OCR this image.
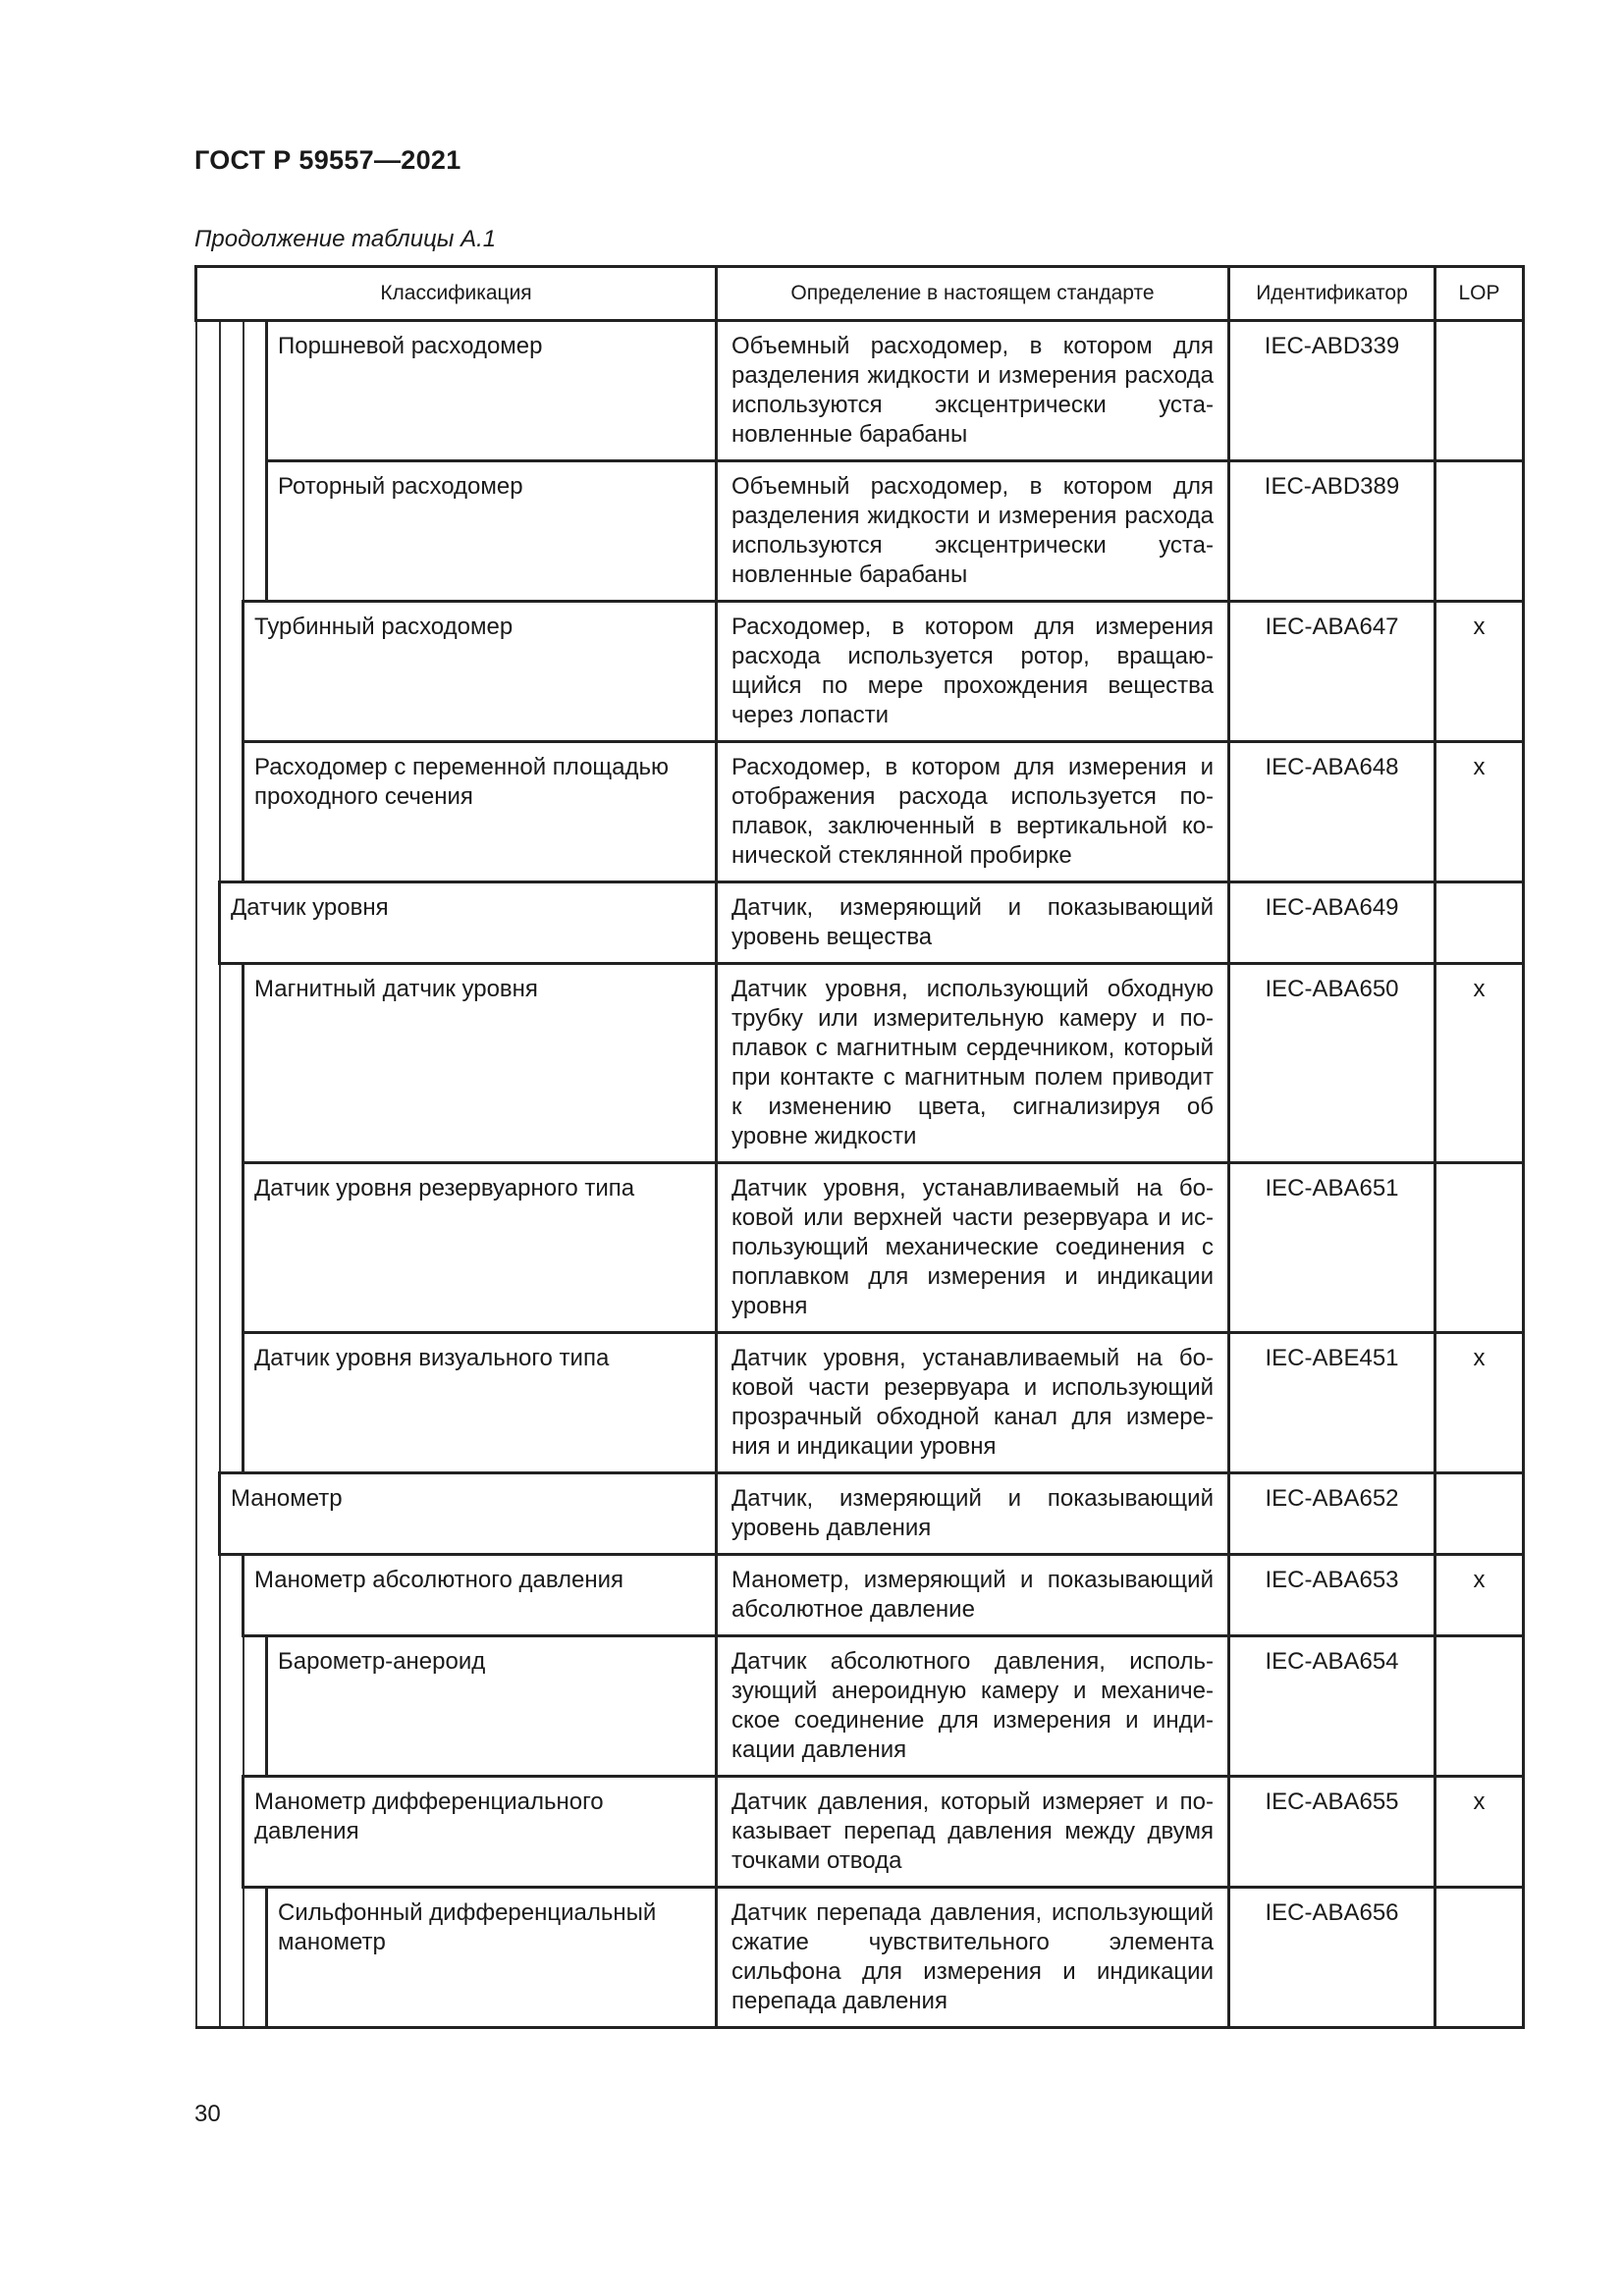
ГОСТ Р 59557—2021
Продолжение таблицы А.1
Классификация				Определение в настоящем стандарте	Идентификатор	LOP
			Поршневой расходомер	Объемный расходомер, в котором для разделения жидкости и измерения расхода используются эксцентрически установленные барабаны	IEC-ABD339	
			Роторный расходомер	Объемный расходомер, в котором для разделения жидкости и измерения расхода используются эксцентрически установленные барабаны	IEC-ABD389	
		Турбинный расходомер		Расходомер, в котором для измерения расхода используется ротор, вращающийся по мере прохождения вещества через лопасти	IEC-ABA647	x
		Расходомер с переменной площадью проходного сечения		Расходомер, в котором для измерения и отображения расхода используется поплавок, заключенный в вертикальной конической стеклянной пробирке	IEC-ABA648	x
	Датчик уровня			Датчик, измеряющий и показывающий уровень вещества	IEC-ABA649	
		Магнитный датчик уровня		Датчик уровня, использующий обходную трубку или измерительную камеру и поплавок с магнитным сердечником, который при контакте с магнитным полем приводит к изменению цвета, сигнализируя об уровне жидкости	IEC-ABA650	x
		Датчик уровня резервуарного типа		Датчик уровня, устанавливаемый на боковой или верхней части резервуара и использующий механические соединения с поплавком для измерения и индикации уровня	IEC-ABA651	
		Датчик уровня визуального типа		Датчик уровня, устанавливаемый на боковой части резервуара и использующий прозрачный обходной канал для измерения и индикации уровня	IEC-ABE451	x
	Манометр			Датчик, измеряющий и показывающий уровень давления	IEC-ABA652	
		Манометр абсолютного давления		Манометр, измеряющий и показывающий абсолютное давление	IEC-ABA653	x
			Барометр-анероид	Датчик абсолютного давления, использующий анероидную камеру и механическое соединение для измерения и индикации давления	IEC-ABA654	
		Манометр дифференциального давления		Датчик давления, который измеряет и показывает перепад давления между двумя точками отвода	IEC-ABA655	x
			Сильфонный дифференциальный манометр	Датчик перепада давления, использующий сжатие чувствительного элемента сильфона для измерения и индикации перепада давления	IEC-ABA656	
30
